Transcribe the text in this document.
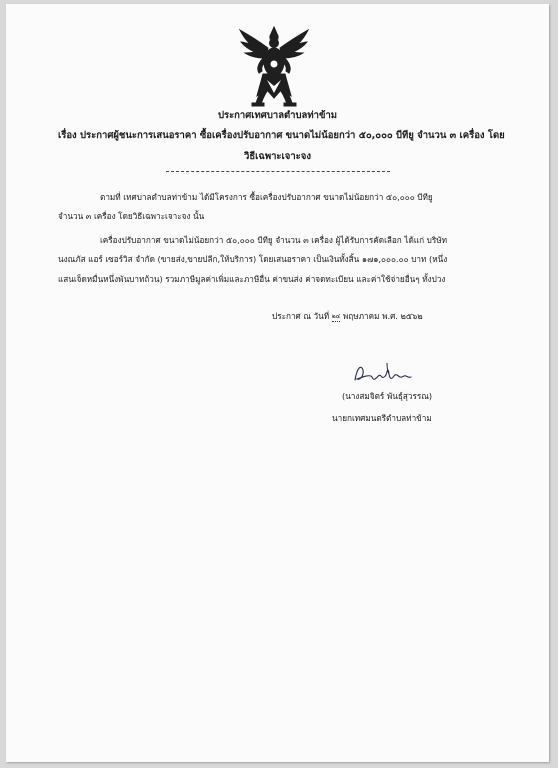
ประกาศเทศบาลตำบลท่าข้าม
เรื่อง ประกาศผู้ชนะการเสนอราคา ซื้อเครื่องปรับอากาศ ขนาดไม่น้อยกว่า ๕๐,๐๐๐ บีทียู จำนวน ๓ เครื่อง โดย
วิธีเฉพาะเจาะจง
ตามที่ เทศบาลตำบลท่าข้าม ได้มีโครงการ ซื้อเครื่องปรับอากาศ ขนาดไม่น้อยกว่า ๕๐,๐๐๐ บีทียู
จำนวน ๓ เครื่อง โดยวิธีเฉพาะเจาะจง นั้น
เครื่องปรับอากาศ ขนาดไม่น้อยกว่า ๕๐,๐๐๐ บีทียู จำนวน ๓ เครื่อง ผู้ได้รับการคัดเลือก ได้แก่ บริษัท
นงณภัส แอร์ เซอร์วิส จำกัด (ขายส่ง,ขายปลีก,ให้บริการ) โดยเสนอราคา เป็นเงินทั้งสิ้น ๑๗๑,๐๐๐.๐๐ บาท (หนึ่ง
แสนเจ็ดหมื่นหนึ่งพันบาทถ้วน) รวมภาษีมูลค่าเพิ่มและภาษีอื่น ค่าขนส่ง ค่าจดทะเบียน และค่าใช้จ่ายอื่นๆ ทั้งปวง
ประกาศ ณ วันที่ ๒๔ พฤษภาคม พ.ศ. ๒๕๖๒
(นางสมจิตร์ พันธุ์สุวรรณ)
นายกเทศมนตรีตำบลท่าข้าม
